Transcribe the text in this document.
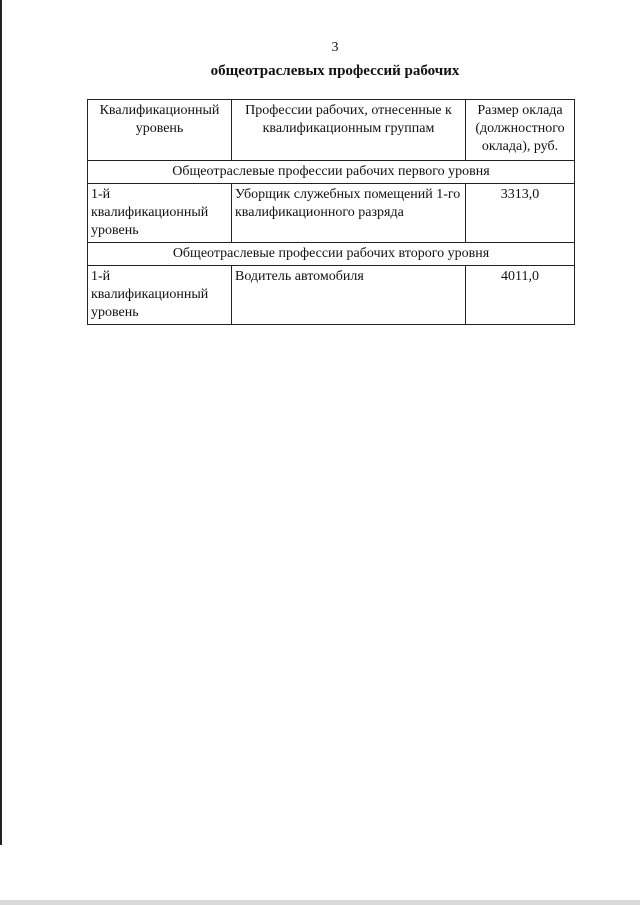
3
общеотраслевых профессий рабочих
Квалификационный уровень	Профессии рабочих, отнесенные к квалификационным группам	Размер оклада (должностного оклада), руб.
Общеотраслевые профессии рабочих первого уровня		
1-й квалификационный уровень	Уборщик служебных помещений 1-го квалификационного разряда	3313,0
Общеотраслевые профессии рабочих второго уровня		
1-й квалификационный уровень	Водитель автомобиля	4011,0
